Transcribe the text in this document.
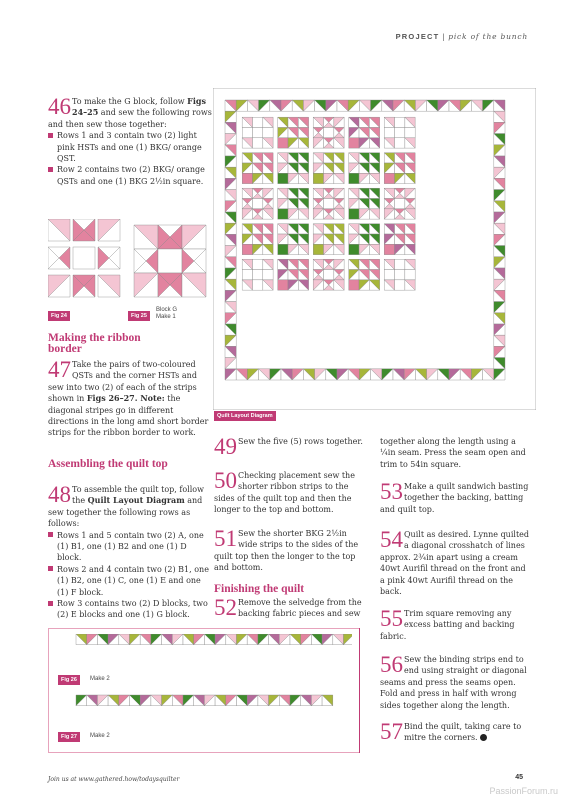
PROJECT | pick of the bunch
46 To make the G block, follow Figs 24–25 and sew the following rows and then sew those together:
Rows 1 and 3 contain two (2) light pink HSTs and one (1) BKG/ orange QST.
Row 2 contains two (2) BKG/ orange QSTs and one (1) BKG 2½in square.
Fig 24	Fig 25
Block G
Make 1
Making the ribbon border
47 Take the pairs of two-coloured QSTs and the corner HSTs and sew into two (2) of each of the strips shown in Figs 26–27. Note: the diagonal stripes go in different directions in the long amd short border strips for the ribbon border to work.
Assembling the quilt top
48 To assemble the quilt top, follow the Quilt Layout Diagram and sew together the following rows as follows:
Rows 1 and 5 contain two (2) A, one (1) B1, one (1) B2 and one (1) D block.
Rows 2 and 4 contain two (2) B1, one (1) B2, one (1) C, one (1) E and one (1) F block.
Row 3 contains two (2) D blocks, two (2) E blocks and one (1) G block.
Quilt Layout Diagram
49 Sew the five (5) rows together.
50 Checking placement sew the shorter ribbon strips to the sides of the quilt top and then the longer to the top and bottom.
51 Sew the shorter BKG 2½in wide strips to the sides of the quilt top then the longer to the top and bottom.
Finishing the quilt
52 Remove the selvedge from the backing fabric pieces and sew
together along the length using a ¼in seam. Press the seam open and trim to 54in square.
53 Make a quilt sandwich basting together the backing, batting and quilt top.
54 Quilt as desired. Lynne quilted a diagonal crosshatch of lines approx. 2¾in apart using a cream 40wt Aurifil thread on the front and a pink 40wt Aurifil thread on the back.
55 Trim square removing any excess batting and backing fabric.
56 Sew the binding strips end to end using straight or diagonal seams and press the seams open. Fold and press in half with wrong sides together along the length.
57 Bind the quilt, taking care to mitre the corners.
Fig 26	Make 2
Fig 27	Make 2
Join us at www.gathered.how/todaysquilter	45
PassionForum.ru
